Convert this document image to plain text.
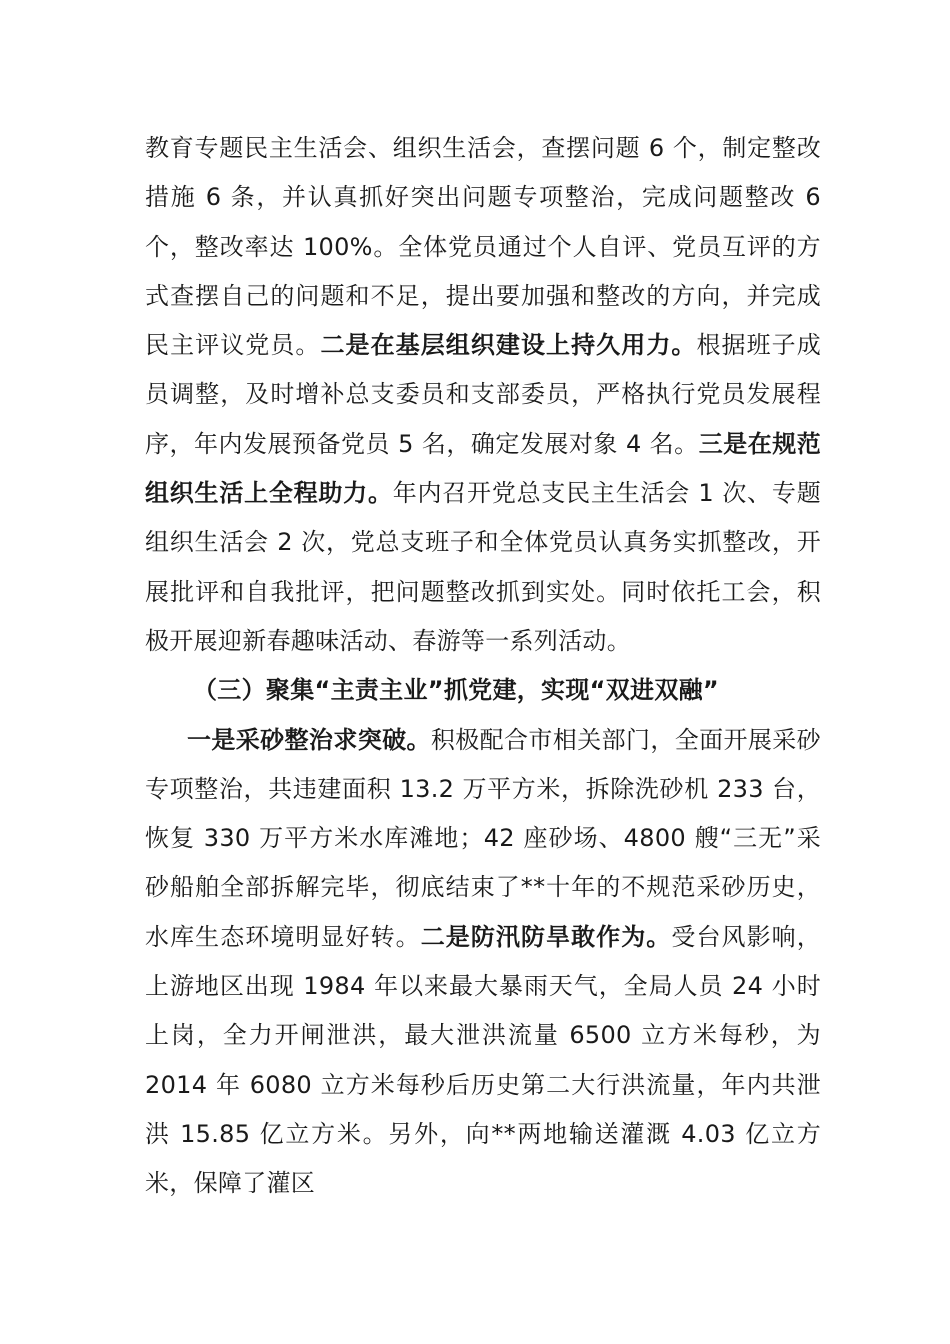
教育专题民主生活会、组织生活会，查摆问题 6 个，制定整改措施 6 条，并认真抓好突出问题专项整治，完成问题整改 6 个，整改率达 100%。全体党员通过个人自评、党员互评的方式查摆自己的问题和不足，提出要加强和整改的方向，并完成民主评议党员。二是在基层组织建设上持久用力。根据班子成员调整，及时增补总支委员和支部委员，严格执行党员发展程序，年内发展预备党员 5 名，确定发展对象 4 名。三是在规范组织生活上全程助力。年内召开党总支民主生活会 1 次、专题组织生活会 2 次，党总支班子和全体党员认真务实抓整改，开展批评和自我批评，把问题整改抓到实处。同时依托工会，积极开展迎新春趣味活动、春游等一系列活动。

（三）聚集“主责主业”抓党建，实现“双进双融”

一是采砂整治求突破。积极配合市相关部门，全面开展采砂专项整治，共违建面积 13.2 万平方米，拆除洗砂机 233 台，恢复 330 万平方米水库滩地；42 座砂场、4800 艘“三无”采砂船舶全部拆解完毕，彻底结束了**十年的不规范采砂历史，水库生态环境明显好转。二是防汛防旱敢作为。受台风影响，上游地区出现 1984 年以来最大暴雨天气，全局人员 24 小时上岗，全力开闸泄洪，最大泄洪流量 6500 立方米每秒，为 2014 年 6080 立方米每秒后历史第二大行洪流量，年内共泄洪 15.85 亿立方米。另外，向**两地输送灌溉 4.03 亿立方米，保障了灌区
